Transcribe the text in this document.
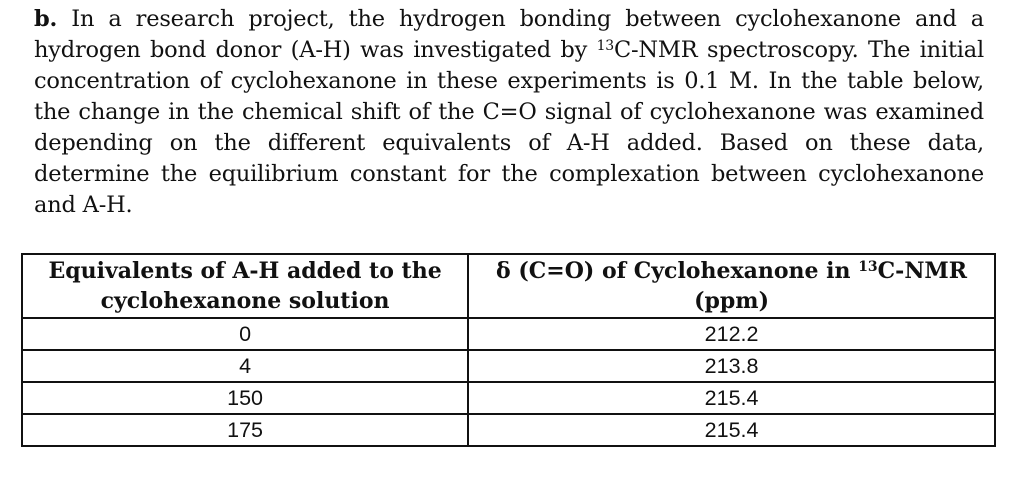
b. In a research project, the hydrogen bonding between cyclohexanone and a hydrogen bond donor (A-H) was investigated by $^{13}$C-NMR spectroscopy. The initial concentration of cyclohexanone in these experiments is 0.1 M. In the table below, the change in the chemical shift of the C=O signal of cyclohexanone was examined depending on the different equivalents of A-H added. Based on these data, determine the equilibrium constant for the complexation between cyclohexanone and A-H.

Equivalents of A-H added to the cyclohexanone solution	δ (C=O) of Cyclohexanone in $^{13}$C-NMR (ppm)
0	212.2
4	213.8
150	215.4
175	215.4
